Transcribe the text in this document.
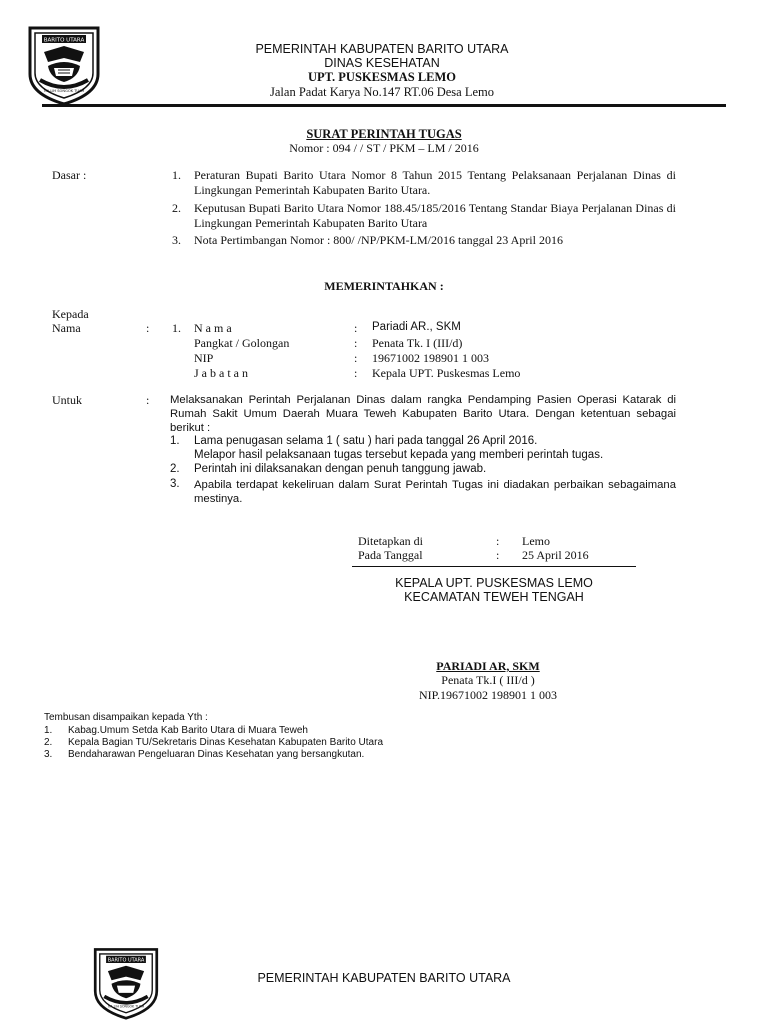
BARITO UTARA
IYA LIH SONGOK TUAH
PEMERINTAH KABUPATEN BARITO UTARA
DINAS KESEHATAN
UPT. PUSKESMAS LEMO
Jalan Padat Karya No.147 RT.06 Desa Lemo
SURAT PERINTAH TUGAS
Nomor : 094 / / ST / PKM – LM / 2016
Dasar :	1. Peraturan Bupati Barito Utara Nomor 8 Tahun 2015 Tentang Pelaksanaan Perjalanan Dinas di Lingkungan Pemerintah Kabupaten Barito Utara.
2. Keputusan Bupati Barito Utara Nomor 188.45/185/2016 Tentang Standar Biaya Perjalanan Dinas di Lingkungan Pemerintah Kabupaten Barito Utara
3. Nota Pertimbangan Nomor : 800/ /NP/PKM-LM/2016 tanggal 23 April 2016
MEMERINTAHKAN :
Kepada
Nama	: 1. N a m a	: Pariadi AR., SKM
Pangkat / Golongan	: Penata Tk. I (III/d)
NIP	: 19671002 198901 1 003
J a b a t a n	: Kepala UPT. Puskesmas Lemo
Untuk	: Melaksanakan Perintah Perjalanan Dinas dalam rangka Pendamping Pasien Operasi Katarak di Rumah Sakit Umum Daerah Muara Teweh Kabupaten Barito Utara. Dengan ketentuan sebagai berikut :
1. Lama penugasan selama 1 ( satu ) hari pada tanggal 26 April 2016.
Melapor hasil pelaksanaan tugas tersebut kepada yang memberi perintah tugas.
2. Perintah ini dilaksanakan dengan penuh tanggung jawab.
3. Apabila terdapat kekeliruan dalam Surat Perintah Tugas ini diadakan perbaikan sebagaimana mestinya.
Ditetapkan di	: Lemo
Pada Tanggal	: 25 April 2016
KEPALA UPT. PUSKESMAS LEMO
KECAMATAN TEWEH TENGAH
PARIADI AR, SKM
Penata Tk.I ( III/d )
NIP.19671002 198901 1 003
Tembusan disampaikan kepada Yth :
1. Kabag.Umum Setda Kab Barito Utara di Muara Teweh
2. Kepala Bagian TU/Sekretaris Dinas Kesehatan Kabupaten Barito Utara
3. Bendaharawan Pengeluaran Dinas Kesehatan yang bersangkutan.
BARITO UTARA
IYA LIH SONGOK TUAH
PEMERINTAH KABUPATEN BARITO UTARA
